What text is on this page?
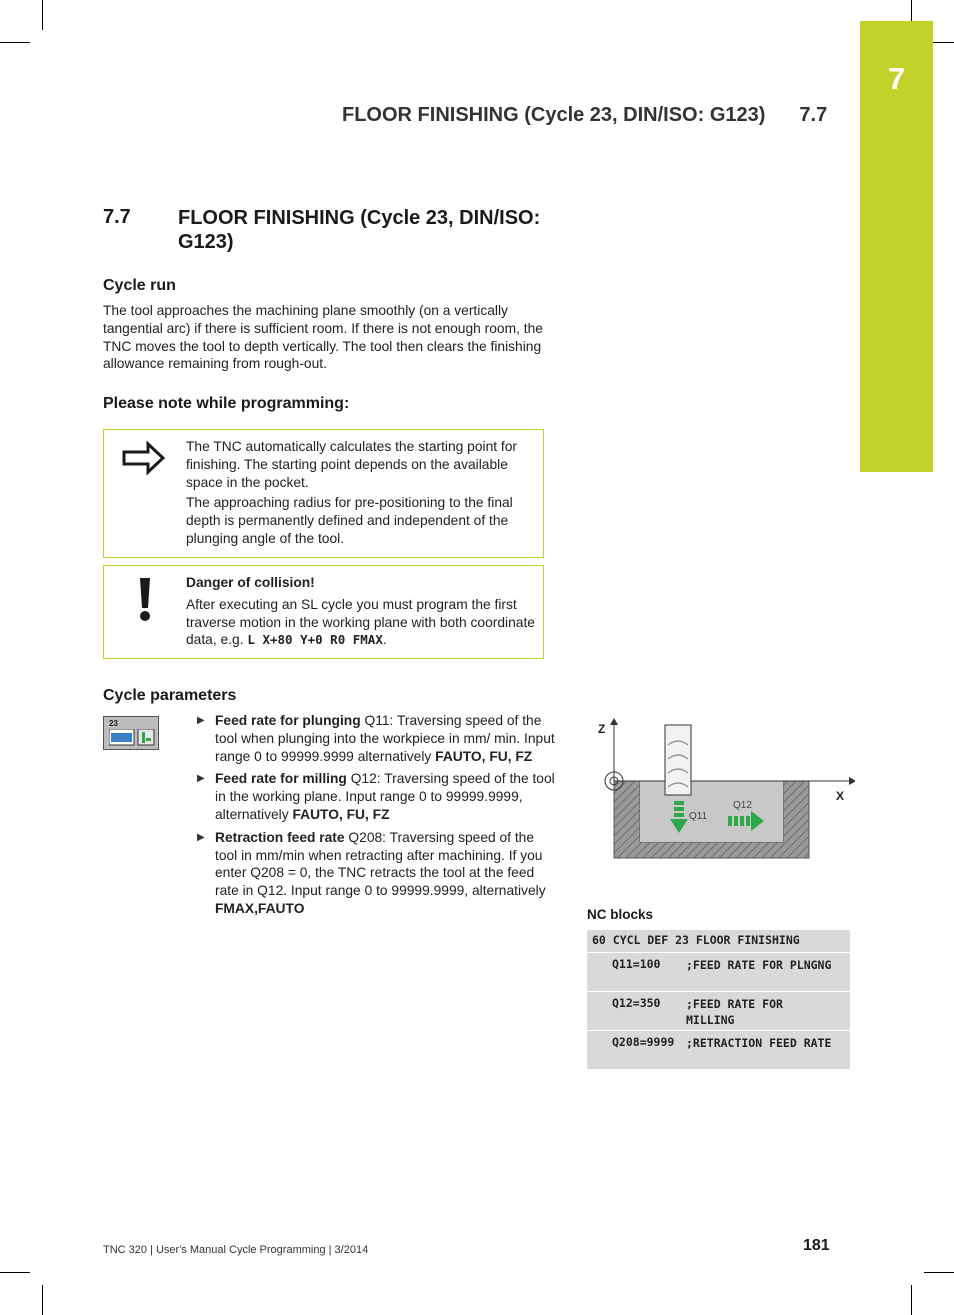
7
FLOOR FINISHING (Cycle 23, DIN/ISO: G123) 7.7
7.7 FLOOR FINISHING (Cycle 23, DIN/ISO: G123)
Cycle run
The tool approaches the machining plane smoothly (on a vertically tangential arc) if there is sufficient room. If there is not enough room, the TNC moves the tool to depth vertically. The tool then clears the finishing allowance remaining from rough-out.
Please note while programming:
The TNC automatically calculates the starting point for finishing. The starting point depends on the available space in the pocket.
The approaching radius for pre-positioning to the final depth is permanently defined and independent of the plunging angle of the tool.
Danger of collision!
After executing an SL cycle you must program the first traverse motion in the working plane with both coordinate data, e.g. L X+80 Y+0 R0 FMAX.
Cycle parameters
23	▶ Feed rate for plunging Q11: Traversing speed of the tool when plunging into the workpiece in mm/ min. Input range 0 to 99999.9999 alternatively FAUTO, FU, FZ
▶ Feed rate for milling Q12: Traversing speed of the tool in the working plane. Input range 0 to 99999.9999, alternatively FAUTO, FU, FZ
▶ Retraction feed rate Q208: Traversing speed of the tool in mm/min when retracting after machining. If you enter Q208 = 0, the TNC retracts the tool at the feed rate in Q12. Input range 0 to 99999.9999, alternatively FMAX,FAUTO
Z
X
Q11
Q12
NC blocks
60 CYCL DEF 23 FLOOR FINISHING
Q11=100 ;FEED RATE FOR PLNGNG
Q12=350 ;FEED RATE FOR MILLING
Q208=9999 ;RETRACTION FEED RATE
TNC 320 | User's Manual Cycle Programming | 3/2014	181
